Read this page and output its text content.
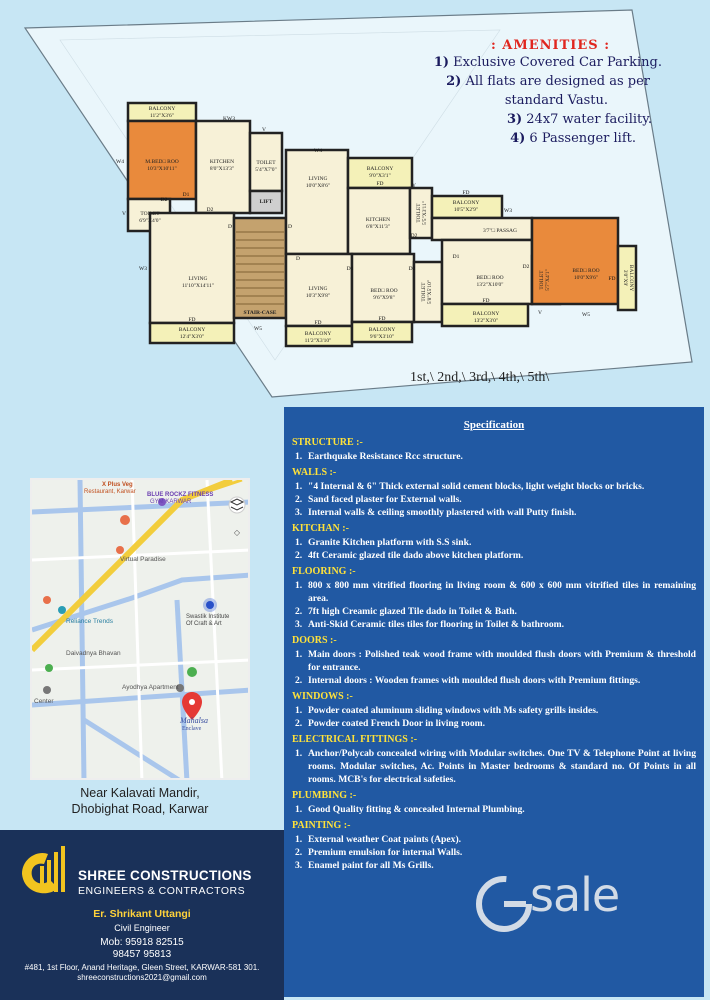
BALCONY
11'2"X3'6"
M.BED□ ROO
10'3"X10'11"
KITCHEN
8'0"X13'3"
TOILET
5'4"X7'0"
LIFT
TOILET
6'9"X4'0"
LIVING
11'10"X14'11"
BALCONY
12'4"X3'0"
STAIR-CASE
LIVING
10'0"X8'6"
BALCONY
9'0"X3'1"
KITCHEN
6'8"X11'3"
TOILET 5'5"X3'11"
LIVING
10'3"X9'8"
BED□ ROO
9'6"X9'8"
BALCONY
11'2"X3'10"
BALCONY
9'6"X3'10"
TOILET 5'8"X5'10"
BALCONY
10'5"X2'9"
3'7"□ PASSAG
BED□ ROO
13'2"X10'0"	TOILET 5'7"X4'1"	BED□ ROO
10'0"X9'6"
BALCONY
13'2"X3'0"
BALCONY
3'0"X9'
KW3
V
W4
D2
D1
V
D2
W3
FD
W5
D	D
W4
FD	Y
D2
D
D1	D2
FD
FD
FD
W3
D1
D2
FD
FD
V	W5
: AMENITIES :
1) Exclusive Covered Car Parking.
2) All flats are designed as per
standard Vastu.
3) 24x7 water facility.
4) 6 Passenger lift.
1st,\ 2nd,\ 3rd,\ 4th,\ 5th\
◇
X Plus Veg
Restaurant, Karwar BLUE ROCKZ FITNESS
GYM KARWAR
Virtual Paradise
Reliance Trends
Swastik Institute
Of Craft & Art
Daivadnya Bhavan
Ayodhya Apartment
Center
Mahalsa
Enclave
Near Kalavati Mandir,
Dhobighat Road, Karwar
Specification
STRUCTURE :-
1. Earthquake Resistance Rcc structure.
WALLS :-
1. "4 Internal & 6" Thick external solid cement blocks, light weight blocks or bricks.
2. Sand faced plaster for External walls.
3. Internal walls & ceiling smoothly plastered with wall Putty finish.
KITCHAN :-
1. Granite Kitchen platform with S.S sink.
2. 4ft Ceramic glazed tile dado above kitchen platform.
FLOORING :-
1. 800 x 800 mm vitrified flooring in living room & 600 x 600 mm vitrified tiles in remaining area.
2. 7ft high Creamic glazed Tile dado in Toilet & Bath.
3. Anti-Skid Ceramic tiles tiles for flooring in Toilet & bathroom.
DOORS :-
1. Main doors : Polished teak wood frame with moulded flush doors with Premium & threshold for entrance.
2. Internal doors : Wooden frames with moulded flush doors with Premium fittings.
WINDOWS :-
1. Powder coated aluminum sliding windows with Ms safety grills insides.
2. Powder coated French Door in living room.
ELECTRICAL FITTINGS :-
1. Anchor/Polycab concealed wiring with Modular switches. One TV & Telephone Point at living rooms. Modular switches, Ac. Points in Master bedrooms & standard no. Of Points in all rooms. MCB's for electrical safeties.
PLUMBING :-
1. Good Quality fitting & concealed Internal Plumbing.
PAINTING :-
1. External weather Coat paints (Apex).
2. Premium emulsion for internal Walls.
3. Enamel paint for all Ms Grills.
SHREE CONSTRUCTIONS
ENGINEERS & CONTRACTORS
Er. Shrikant Uttangi
Civil Engineer
Mob: 95918 82515
98457 95813
#481, 1st Floor, Anand Heritage, Gleen Street, KARWAR-581 301.
shreeconstructions2021@gmail.com
sale
